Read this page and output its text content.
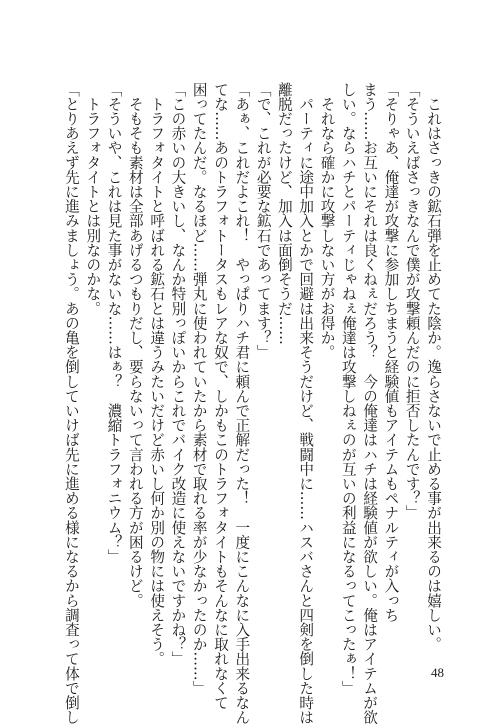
　これはさっきの鉱石弾を止めてた陰か。逸らさないで止める事が出来るのは嬉しい。
「そういえばさっきなんで僕が攻撃頼んだのに拒否したんです？」
「そりゃあ、俺達が攻撃に参加しちまうと経験値もアイテムもペナルティが入っち
まう……お互いにそれは良くねぇだろう？　今の俺達はハチは経験値が欲しい。俺はアイテムが欲
しい。ならハチとパーティじゃねぇ俺達は攻撃しねぇのが互いの利益になるってこったぁ！」
　それなら確かに攻撃しない方がお得か。
　パーティに途中加入とかで回避は出来そうだけど、戦闘中に……ハスバさんと四剣を倒した時は
離脱だったけど、加入は面倒そうだ……
「で、これが必要な鉱石であってます？」
「あぁ、これだよこれ！　やっぱりハチ君に頼んで正解だった！　一度にこんなに入手出来るなん
てな……あのトラフォトータスもレアな奴で、しかもこのトラフォタイトもそんなに取れなくて
困ってたんだ。なるほど……弾丸に使われていたから素材で取れる率が少なかったのか……」
「この赤いの大きいし、なんか特別っぽいからこれでバイク改造に使えないですかね？」
　トラフォタイトと呼ばれる鉱石とは違うみたいだけど赤いし何か別の物には使えそう。
　そもそも素材は全部あげるつもりだし、要らないって言われる方が困るけど。
「そういや、これは見た事がないな……はぁ？　濃縮トラフォニウム？」
　トラフォタイトとは別なのかな。
「とりあえず先に進みましょう。あの亀を倒していけば先に進める様になるから調査って体で倒し	48
